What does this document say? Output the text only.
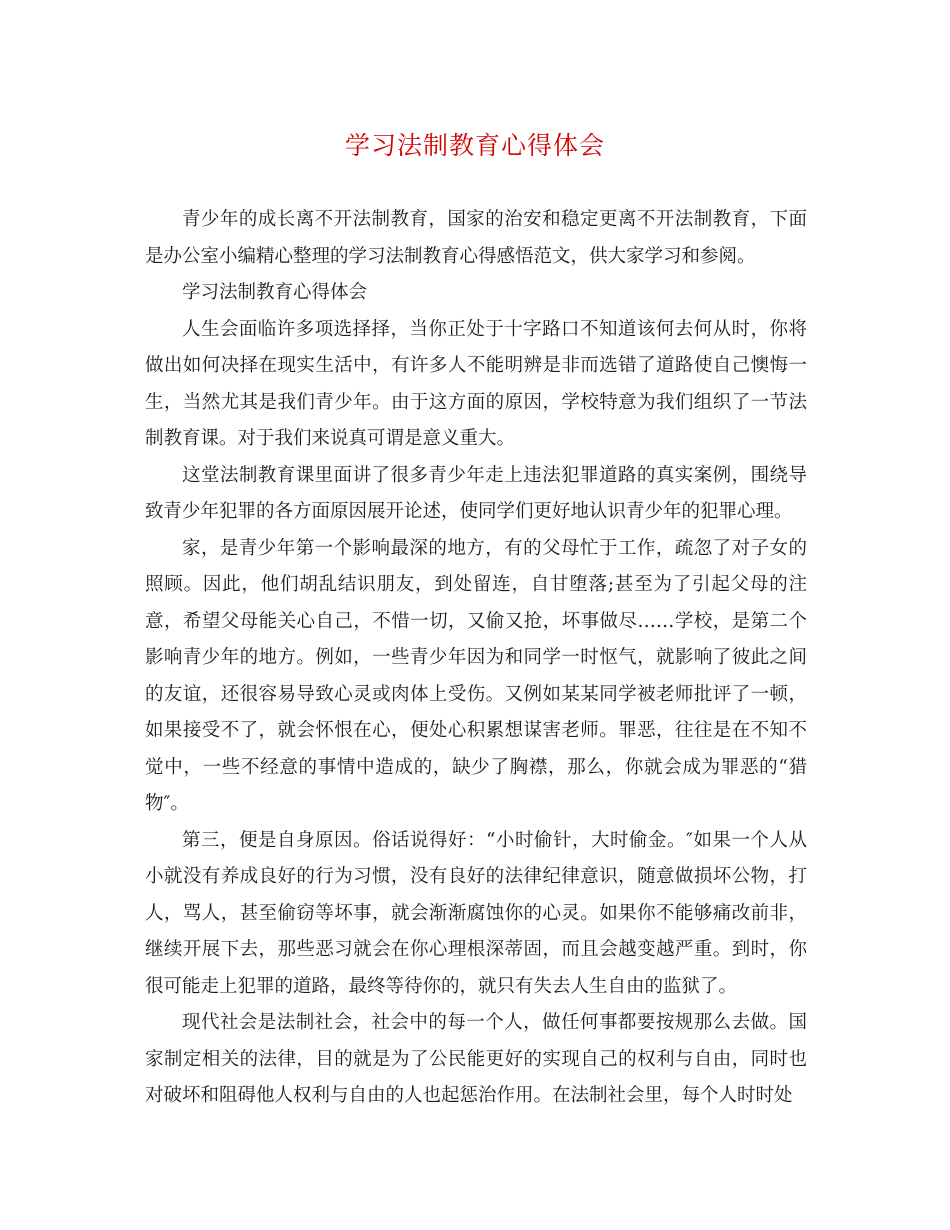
学习法制教育心得体会

青少年的成长离不开法制教育，国家的治安和稳定更离不开法制教育，下面是办公室小编精心整理的学习法制教育心得感悟范文，供大家学习和参阅。

学习法制教育心得体会

人生会面临许多项选择择，当你正处于十字路口不知道该何去何从时，你将做出如何决择在现实生活中，有许多人不能明辨是非而选错了道路使自己懊悔一生，当然尤其是我们青少年。由于这方面的原因，学校特意为我们组织了一节法制教育课。对于我们来说真可谓是意义重大。

这堂法制教育课里面讲了很多青少年走上违法犯罪道路的真实案例，围绕导致青少年犯罪的各方面原因展开论述，使同学们更好地认识青少年的犯罪心理。

家，是青少年第一个影响最深的地方，有的父母忙于工作，疏忽了对子女的照顾。因此，他们胡乱结识朋友，到处留连，自甘堕落;甚至为了引起父母的注意，希望父母能关心自己，不惜一切，又偷又抢，坏事做尽……学校，是第二个影响青少年的地方。例如，一些青少年因为和同学一时怄气，就影响了彼此之间的友谊，还很容易导致心灵或肉体上受伤。又例如某某同学被老师批评了一顿，如果接受不了，就会怀恨在心，便处心积累想谋害老师。罪恶，往往是在不知不觉中，一些不经意的事情中造成的，缺少了胸襟，那么，你就会成为罪恶的“猎物″。

第三，便是自身原因。俗话说得好：“小时偷针，大时偷金。″如果一个人从小就没有养成良好的行为习惯，没有良好的法律纪律意识，随意做损坏公物，打人，骂人，甚至偷窃等坏事，就会渐渐腐蚀你的心灵。如果你不能够痛改前非，继续开展下去，那些恶习就会在你心理根深蒂固，而且会越变越严重。到时，你很可能走上犯罪的道路，最终等待你的，就只有失去人生自由的监狱了。

现代社会是法制社会，社会中的每一个人，做任何事都要按规那么去做。国家制定相关的法律，目的就是为了公民能更好的实现自己的权利与自由，同时也对破坏和阻碍他人权利与自由的人也起惩治作用。在法制社会里，每个人时时处
